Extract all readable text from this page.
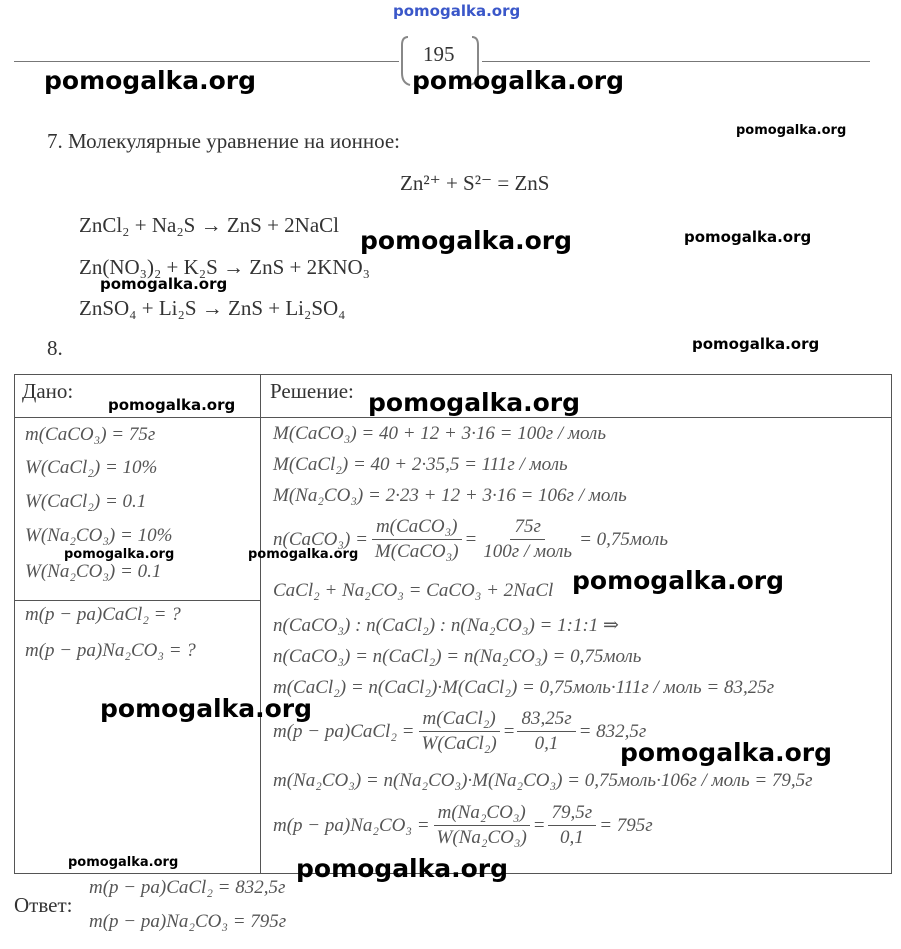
pomogalka.org
195
pomogalka.org	pomogalka.org
7. Молекулярные уравнение на ионное:	pomogalka.org
Zn²⁺ + S²⁻ = ZnS
ZnCl₂ + Na₂S → ZnS + 2NaCl
pomogalka.org	pomogalka.org
Zn(NO₃)₂ + K₂S → ZnS + 2KNO₃
pomogalka.org
ZnSO₄ + Li₂S → ZnS + Li₂SO₄
8.	pomogalka.org
Дано:	Решение:
pomogalka.org	pomogalka.org
m(CaCO₃) = 75г
W(CaCl₂) = 10%
W(CaCl₂) = 0.1
W(Na₂CO₃) = 10%
W(Na₂CO₃) = 0.1
pomogalka.org	pomogalka.org
m(p − pa)CaCl₂ = ?
m(p − pa)Na₂CO₃ = ?
M(CaCO₃) = 40 + 12 + 3·16 = 100г / моль
M(CaCl₂) = 40 + 2·35,5 = 111г / моль
M(Na₂CO₃) = 2·23 + 12 + 3·16 = 106г / моль
n(CaCO₃) = $\frac{\text{m(CaCO₃)}}{\text{M(CaCO₃)}} = \frac{75г}{\text{100г / моль}}$ = 0,75моль
CaCl₂ + Na₂CO₃ = CaCO₃ + 2NaCl pomogalka.org
n(CaCO₃) : n(CaCl₂) : n(Na₂CO₃) = 1:1:1 ⇒
n(CaCO₃) = n(CaCl₂) = n(Na₂CO₃) = 0,75моль
m(CaCl₂) = n(CaCl₂)·M(CaCl₂) = 0,75моль·111г / моль = 83,25г
pomogalka.org
m(p − pa)CaCl₂ = $\frac{\text{m(CaCl₂)}}{\text{W(CaCl₂)}} = \frac{83,25г}{0,1} = 832,5г$
pomogalka.org
m(Na₂CO₃) = n(Na₂CO₃)·M(Na₂CO₃) = 0,75моль·106г / моль = 79,5г
$m(p - pa)Na_2CO_3 = \frac{\text{m(Na₂CO₃)}}{\text{W(Na₂CO₃)}} = \frac{79,5г}{0,1} = 795г$
pomogalka.org	pomogalka.org
Ответ:
m(p − pa)CaCl₂ = 832,5г
m(p − pa)Na₂CO₃ = 795г
